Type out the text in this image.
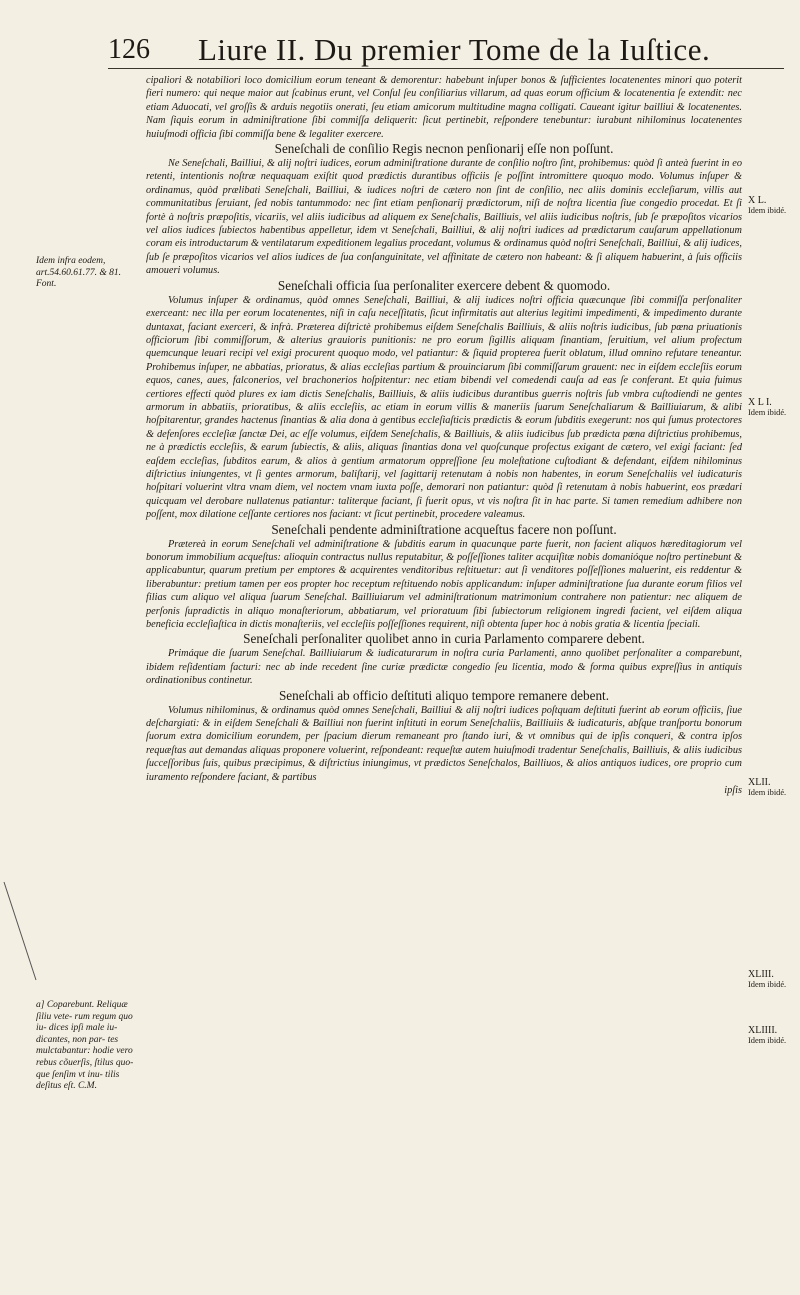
126 Liure II. Du premier Tome de la Iuſtice.

cipaliori & notabiliori loco domicilium eorum teneant & demorentur: habebunt inſuper bonos & ſufficientes locatenentes minori quo poterit fieri numero: qui neque maior aut ſcabinus erunt, vel Conſul ſeu conſiliarius villarum, ad quas eorum officium & locatenentia ſe extendit: nec etiam Aduocati, vel groſſis & arduis negotiis onerati, ſeu etiam amicorum multitudine magna colligati. Caueant igitur bailliui & locatenentes. Nam ſiquis eorum in adminiſtratione ſibi commiſſa deliquerit: ſicut pertinebit, reſpondere tenebuntur: iurabunt nihilominus locatenentes huiuſmodi officia ſibi commiſſa bene & legaliter exercere.

Seneſchali de conſilio Regis necnon penſionarij eſſe non poſſunt.

Ne Seneſchali, Bailliui, & alij noſtri iudices, eorum adminiſtratione durante de conſilio noſtro ſint, prohibemus: quòd ſi anteà fuerint in eo retenti, intentionis noſtræ nequaquam exiſtit quod prædictis durantibus officiis ſe poſſint intromittere quoquo modo. Volumus inſuper & ordinamus, quòd prælibati Seneſchali, Bailliui, & iudices noſtri de cætero non ſint de conſilio, nec aliis dominis eccleſiarum, villis aut communitatibus ſeruiant, ſed nobis tantummodo: nec ſint etiam penſionarij prædictorum, niſi de noſtra licentia ſiue congedio procedat. Et ſi fortè à noſtris præpoſitis, vicariis, vel aliis iudicibus ad aliquem ex Seneſchalis, Bailliuis, vel aliis iudicibus noſtris, ſub ſe præpoſitos vicarios vel alios iudices ſubiectos habentibus appelletur, idem vt Seneſchali, Bailliui, & alij noſtri iudices ad prædictarum cauſarum appellationum coram eis introductarum & ventilatarum expeditionem legalius procedant, volumus & ordinamus quòd noſtri Seneſchali, Bailliui, & alij iudices, ſub ſe præpoſitos vicarios vel alios iudices de ſua conſanguinitate, vel affinitate de cætero non habeant: & ſi aliquem habuerint, à ſuis officiis amoueri volumus.

Seneſchali officia ſua perſonaliter exercere debent & quomodo.

Volumus inſuper & ordinamus, quòd omnes Seneſchali, Bailliui, & alij iudices noſtri officia quæcunque ſibi commiſſa perſonaliter exerceant: nec illa per eorum locatenentes, niſi in caſu neceſſitatis, ſicut infirmitatis aut alterius legitimi impedimenti, & impedimento durante duntaxat, faciant exerceri, & infrà. Præterea diſtrictè prohibemus eiſdem Seneſchalis Bailliuis, & aliis noſtris iudicibus, ſub pœna priuationis officiorum ſibi commiſſorum, & alterius grauioris punitionis: ne pro eorum ſigillis aliquam ſinantiam, ſeruitium, vel alium profectum quemcunque leuari recipi vel exigi procurent quoquo modo, vel patiantur: & ſiquid propterea fuerit oblatum, illud omnino refutare teneantur. Prohibemus inſuper, ne abbatias, prioratus, & alias eccleſias partium & prouinciarum ſibi commiſſarum grauent: nec in eiſdem eccleſiis eorum equos, canes, aues, falconerios, vel brachonerios hoſpitentur: nec etiam bibendi vel comedendi cauſa ad eas ſe conferant. Et quia fuimus certiores effecti quòd plures ex iam dictis Seneſchalis, Bailliuis, & aliis iudicibus durantibus guerris noſtris ſub vmbra cuſtodiendi ne gentes armorum in abbatiis, prioratibus, & aliis eccleſiis, ac etiam in eorum villis & maneriis ſuarum Seneſchaliarum & Bailliuiarum, & alibi hoſpitarentur, grandes hactenus ſinantias & alia dona à gentibus eccleſiaſticis prædictis & eorum ſubditis exegerunt: nos qui ſumus protectores & defenſores eccleſiæ ſanctæ Dei, ac eſſe volumus, eiſdem Seneſchalis, & Bailliuis, & aliis iudicibus ſub prædicta pœna diſtrictius prohibemus, ne à prædictis eccleſiis, & earum ſubiectis, & aliis, aliquas ſinantias dona vel quoſcunque profectus exigant de cætero, vel exigi faciant: ſed eaſdem eccleſias, ſubditos earum, & alios à gentium armatorum oppreſſione ſeu moleſtatione cuſtodiant & defendant, eiſdem nihilominus diſtrictius iniungentes, vt ſi gentes armorum, baliſtarij, vel ſagittarij retenutam à nobis non habentes, in eorum Seneſchaliis vel iudicaturis hoſpitari voluerint vltra vnam diem, vel noctem vnam iuxta poſſe, demorari non patiantur: quòd ſi retenutam à nobis habuerint, eos prædari quicquam vel derobare nullatenus patiantur: taliterque faciant, ſi fuerit opus, vt vis noſtra ſit in hac parte. Si tamen remedium adhibere non poſſent, mox dilatione ceſſante certiores nos faciant: vt ſicut pertinebit, procedere valeamus.

Seneſchali pendente adminiſtratione acqueſtus facere non poſſunt.

Prætereà in eorum Seneſchali vel adminiſtratione & ſubditis earum in quacunque parte fuerit, non facient aliquos hæreditagiorum vel bonorum immobilium acqueſtus: alioquin contractus nullus reputabitur, & poſſeſſiones taliter acquiſitæ nobis domanióque noſtro pertinebunt & applicabuntur, quarum pretium per emptores & acquirentes venditoribus reſtituetur: aut ſi venditores poſſeſſiones maluerint, eis reddentur & liberabuntur: pretium tamen per eos propter hoc receptum reſtituendo nobis applicandum: inſuper adminiſtratione ſua durante eorum filios vel filias cum aliquo vel aliqua ſuarum Seneſchal. Bailliuiarum vel adminiſtrationum matrimonium contrahere non patientur: nec aliquem de perſonis ſupradictis in aliquo monaſteriorum, abbatiarum, vel prioratuum ſibi ſubiectorum religionem ingredi facient, vel eiſdem aliqua beneficia eccleſiaſtica in dictis monaſteriis, vel eccleſiis poſſeſſiones requirent, niſi obtenta ſuper hoc à nobis gratia & licentia ſpeciali.

Seneſchali perſonaliter quolibet anno in curia Parlamento comparere debent.

Primáque die ſuarum Seneſchal. Bailliuiarum & iudicaturarum in noſtra curia Parlamenti, anno quolibet perſonaliter a comparebunt, ibidem reſidentiam facturi: nec ab inde recedent ſine curiæ prædictæ congedio ſeu licentia, modo & forma quibus expreſſius in antiquis ordinationibus continetur.

Seneſchali ab officio deſtituti aliquo tempore remanere debent.

Volumus nihilominus, & ordinamus quòd omnes Seneſchali, Bailliui & alij noſtri iudices poſtquam deſtituti fuerint ab eorum officiis, ſiue deſchargiati: & in eiſdem Seneſchali & Bailliui non fuerint inſtituti in eorum Seneſchaliis, Bailliuiis & iudicaturis, abſque tranſportu bonorum ſuorum extra domicilium eorundem, per ſpacium dierum remaneant pro ſtando iuri, & vt omnibus qui de ipſis conqueri, & contra ipſos requæſtas aut demandas aliquas proponere voluerint, reſpondeant: requeſtæ autem huiuſmodi tradentur Seneſchalis, Bailliuis, & aliis iudicibus ſucceſſoribus ſuis, quibus præcipimus, & diſtrictius iniungimus, vt prædictos Seneſchalos, Bailliuos, & alios antiquos iudices, ore proprio cum iuramento reſpondere faciant, & partibus

ipſis

Idem infra eodem, art.54.60.61.77. & 81. Font.
a] Coparebunt. Reliquæ ſiliu vete- rum regum quo iu- dices ipſi male iu- dicantes, non par- tes mulctabantur: hodie vero rebus cõuerſis, ſtilus quo- que ſenſim vt inu- tilis deſitus eſt. C.M.
X L.
Idem ibidé.
X L I.
Idem ibidé.
XLII.
Idem ibidé.
XLIII.
Idem ibidé.
XLIIII.
Idem ibidé.
